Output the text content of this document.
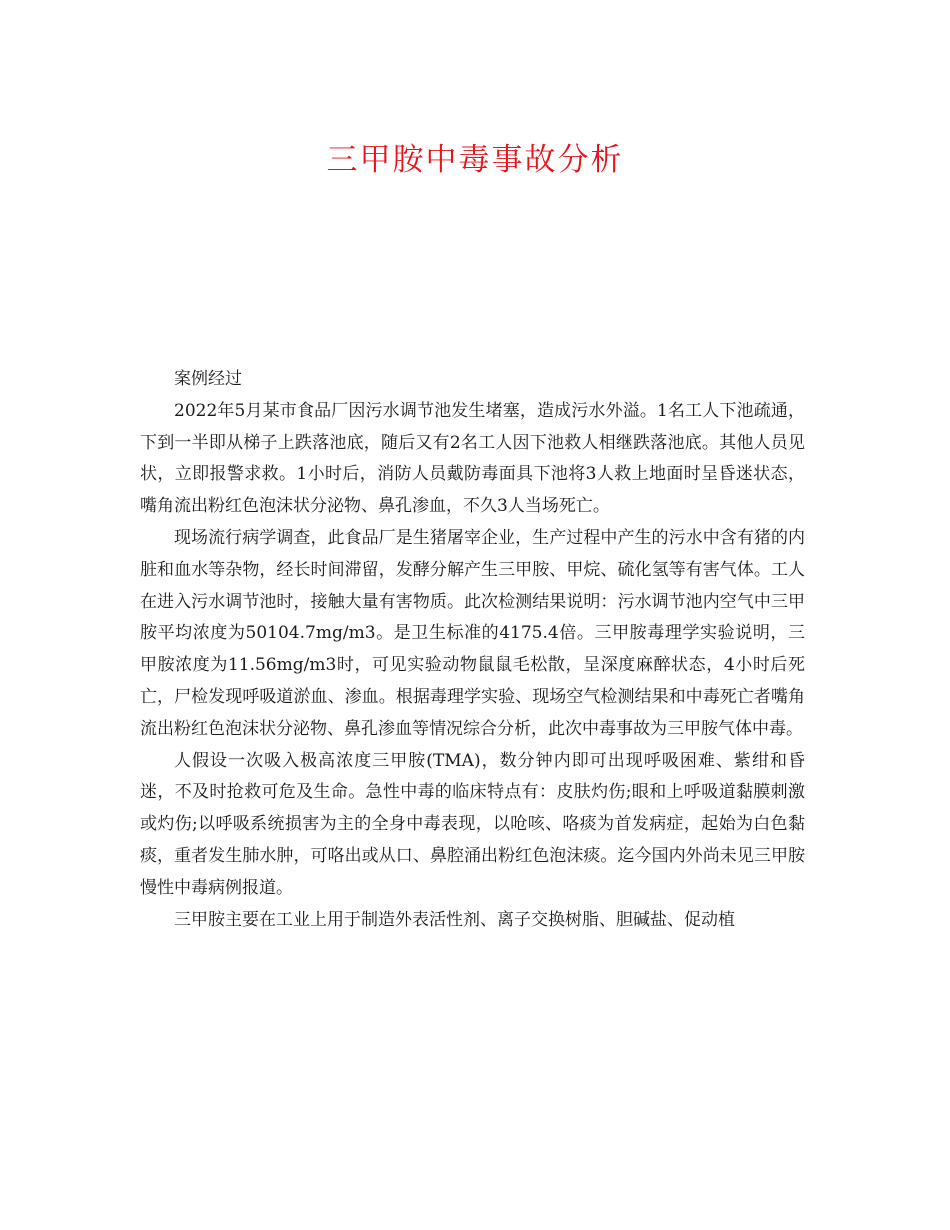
三甲胺中毒事故分析

案例经过

2022年5月某市食品厂因污水调节池发生堵塞，造成污水外溢。1名工人下池疏通，下到一半即从梯子上跌落池底，随后又有2名工人因下池救人相继跌落池底。其他人员见状，立即报警求救。1小时后，消防人员戴防毒面具下池将3人救上地面时呈昏迷状态，嘴角流出粉红色泡沫状分泌物、鼻孔渗血，不久3人当场死亡。

现场流行病学调查，此食品厂是生猪屠宰企业，生产过程中产生的污水中含有猪的内脏和血水等杂物，经长时间滞留，发酵分解产生三甲胺、甲烷、硫化氢等有害气体。工人在进入污水调节池时，接触大量有害物质。此次检测结果说明：污水调节池内空气中三甲胺平均浓度为50104.7mg/m3。是卫生标准的4175.4倍。三甲胺毒理学实验说明，三甲胺浓度为11.56mg/m3时，可见实验动物鼠鼠毛松散，呈深度麻醉状态，4小时后死亡，尸检发现呼吸道淤血、渗血。根据毒理学实验、现场空气检测结果和中毒死亡者嘴角流出粉红色泡沫状分泌物、鼻孔渗血等情况综合分析，此次中毒事故为三甲胺气体中毒。

人假设一次吸入极高浓度三甲胺(TMA)，数分钟内即可出现呼吸困难、紫绀和昏迷，不及时抢救可危及生命。急性中毒的临床特点有：皮肤灼伤;眼和上呼吸道黏膜刺激或灼伤;以呼吸系统损害为主的全身中毒表现，以呛咳、咯痰为首发病症，起始为白色黏痰，重者发生肺水肿，可咯出或从口、鼻腔涌出粉红色泡沫痰。迄今国内外尚未见三甲胺慢性中毒病例报道。

三甲胺主要在工业上用于制造外表活性剂、离子交换树脂、胆碱盐、促动植
